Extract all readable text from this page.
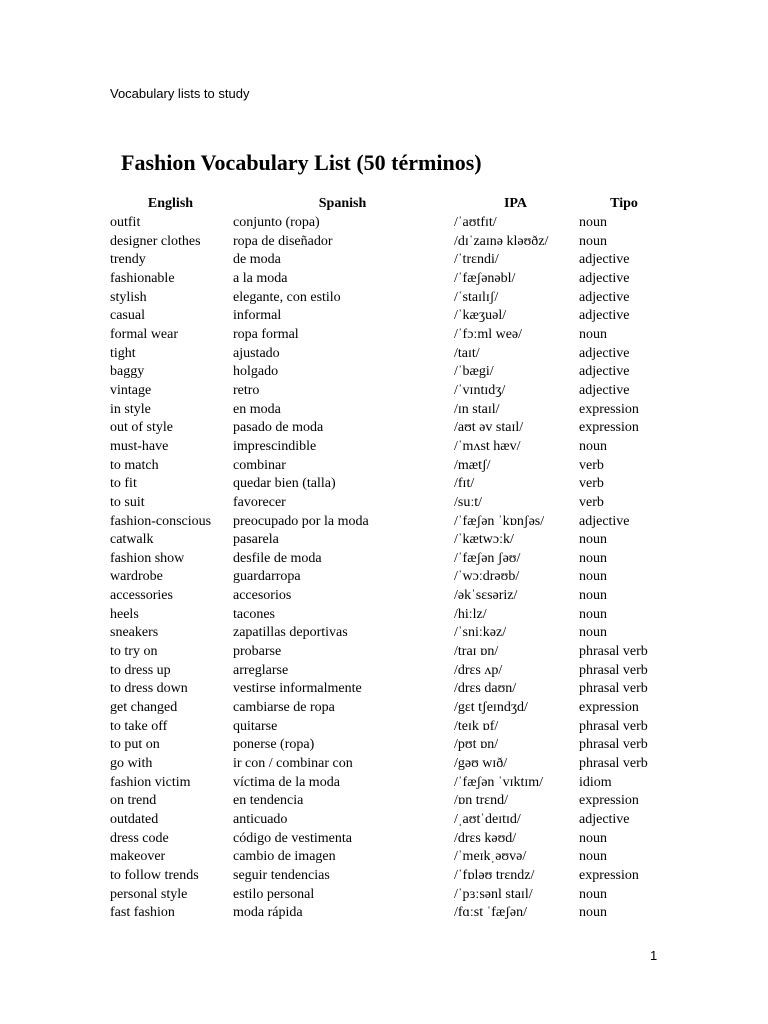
Vocabulary lists to study
Fashion Vocabulary List (50 términos)
English	Spanish	IPA	Tipo
outfit	conjunto (ropa)	/ˈaʊtfɪt/	noun
designer clothes	ropa de diseñador	/dɪˈzaɪnə kləʊðz/	noun
trendy	de moda	/ˈtrɛndi/	adjective
fashionable	a la moda	/ˈfæʃənəbl/	adjective
stylish	elegante, con estilo	/ˈstaɪlɪʃ/	adjective
casual	informal	/ˈkæʒuəl/	adjective
formal wear	ropa formal	/ˈfɔːml weə/	noun
tight	ajustado	/taɪt/	adjective
baggy	holgado	/ˈbægi/	adjective
vintage	retro	/ˈvɪntɪdʒ/	adjective
in style	en moda	/ɪn staɪl/	expression
out of style	pasado de moda	/aʊt əv staɪl/	expression
must-have	imprescindible	/ˈmʌst hæv/	noun
to match	combinar	/mætʃ/	verb
to fit	quedar bien (talla)	/fɪt/	verb
to suit	favorecer	/suːt/	verb
fashion-conscious	preocupado por la moda	/ˈfæʃən ˈkɒnʃəs/	adjective
catwalk	pasarela	/ˈkætwɔːk/	noun
fashion show	desfile de moda	/ˈfæʃən ʃəʊ/	noun
wardrobe	guardarropa	/ˈwɔːdrəʊb/	noun
accessories	accesorios	/əkˈsɛsəriz/	noun
heels	tacones	/hiːlz/	noun
sneakers	zapatillas deportivas	/ˈsniːkəz/	noun
to try on	probarse	/traɪ ɒn/	phrasal verb
to dress up	arreglarse	/drɛs ʌp/	phrasal verb
to dress down	vestirse informalmente	/drɛs daʊn/	phrasal verb
get changed	cambiarse de ropa	/gɛt tʃeɪndʒd/	expression
to take off	quitarse	/teɪk ɒf/	phrasal verb
to put on	ponerse (ropa)	/pʊt ɒn/	phrasal verb
go with	ir con / combinar con	/gəʊ wɪð/	phrasal verb
fashion victim	víctima de la moda	/ˈfæʃən ˈvɪktɪm/	idiom
on trend	en tendencia	/ɒn trɛnd/	expression
outdated	anticuado	/ˌaʊtˈdeɪtɪd/	adjective
dress code	código de vestimenta	/drɛs kəʊd/	noun
makeover	cambio de imagen	/ˈmeɪkˌəʊvə/	noun
to follow trends	seguir tendencias	/ˈfɒləʊ trɛndz/	expression
personal style	estilo personal	/ˈpɜːsənl staɪl/	noun
fast fashion	moda rápida	/fɑːst ˈfæʃən/	noun
1
